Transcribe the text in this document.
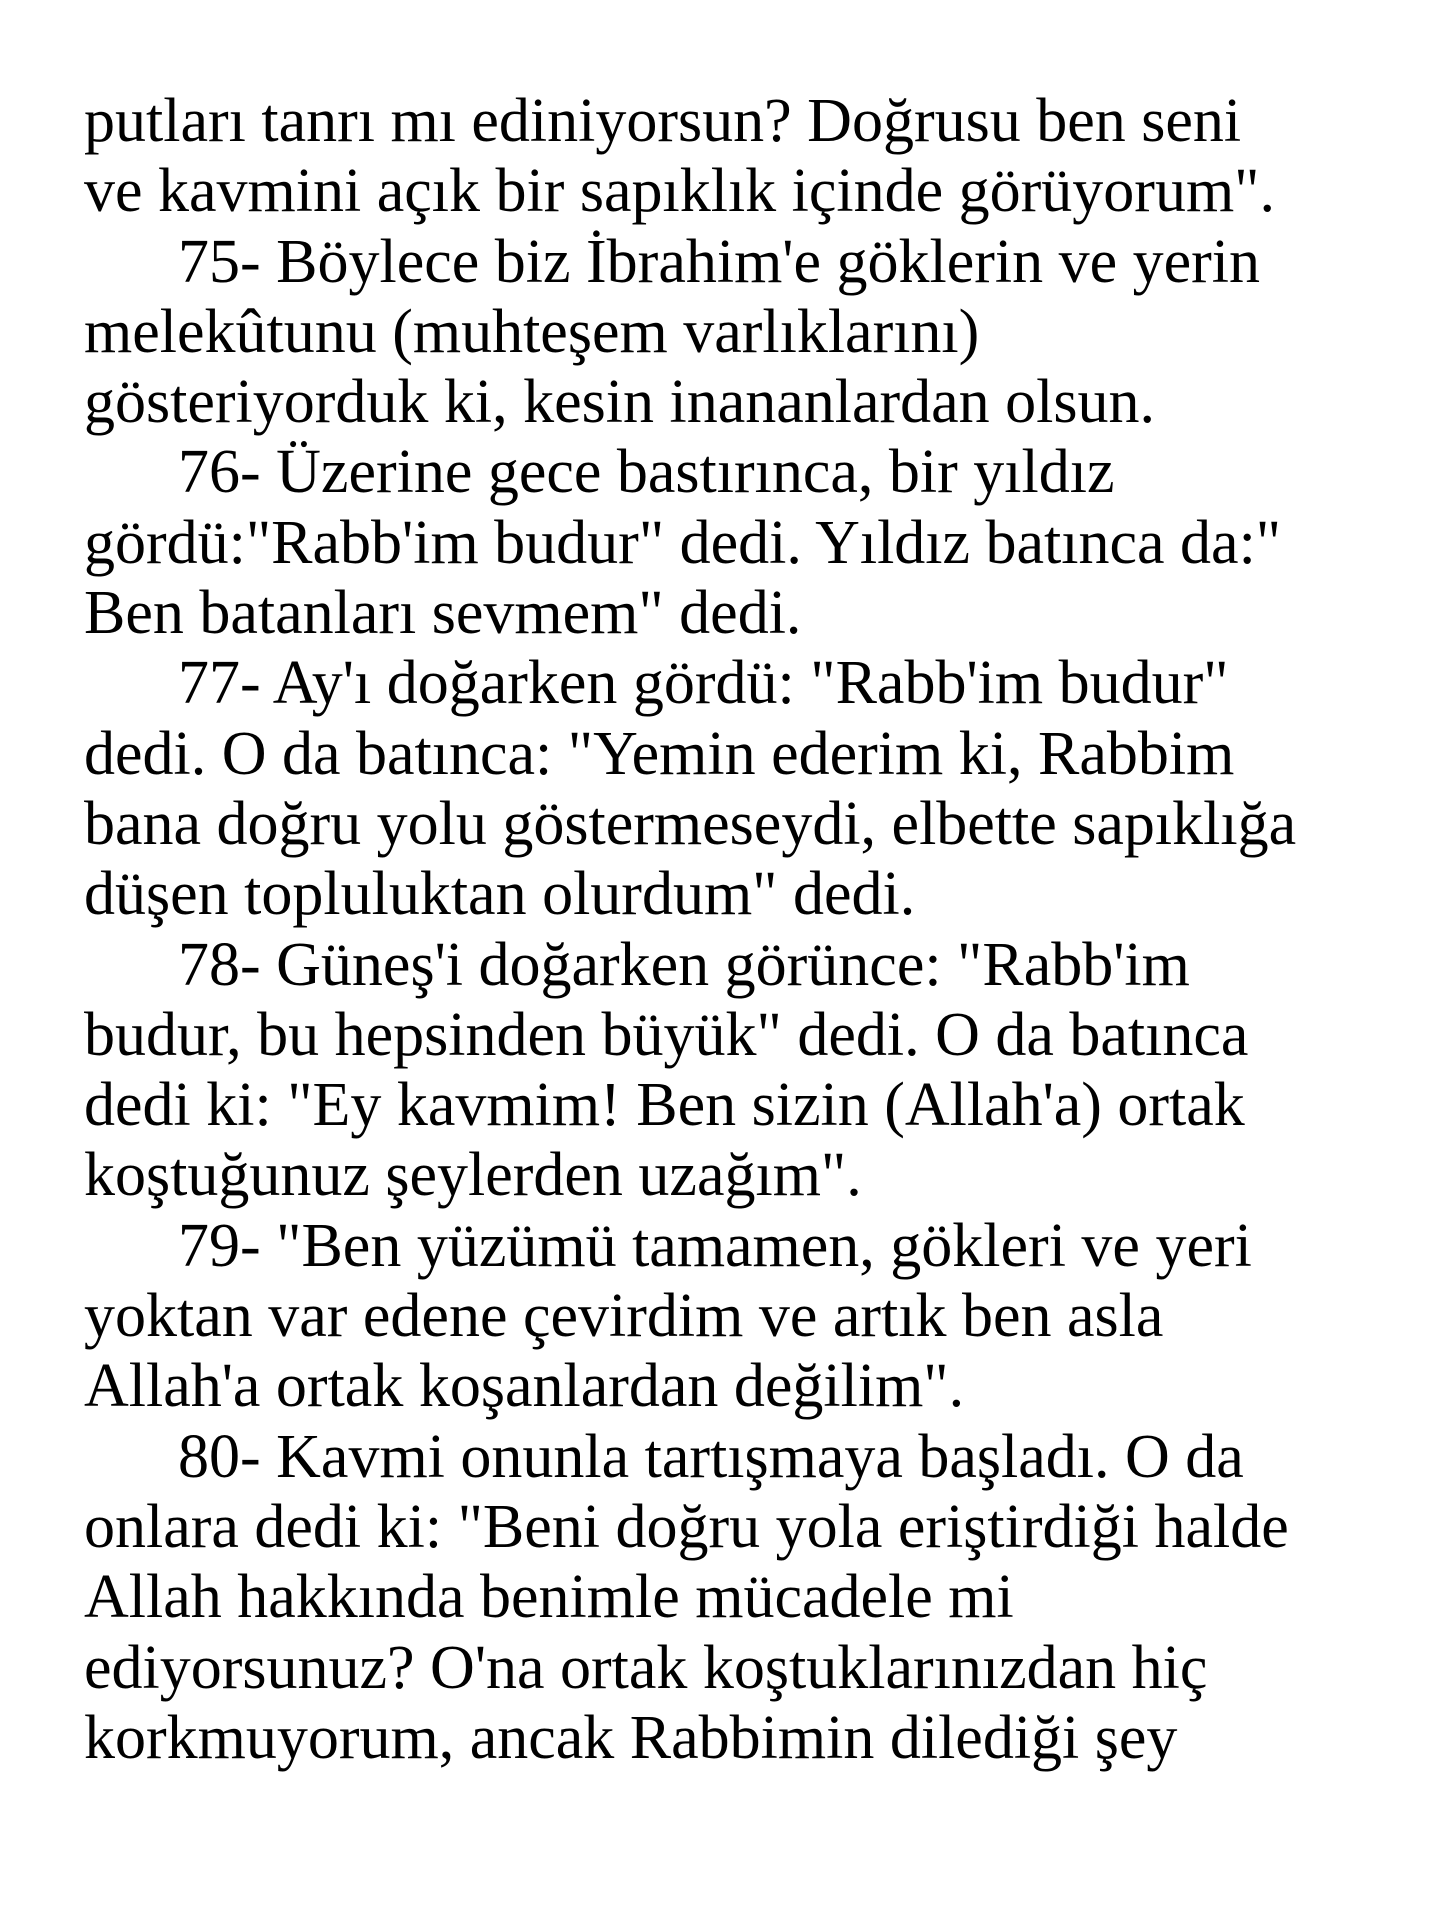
putları tanrı mı ediniyorsun? Doğrusu ben seni
ve kavmini açık bir sapıklık içinde görüyorum".
75- Böylece biz İbrahim'e göklerin ve yerin
melekûtunu (muhteşem varlıklarını)
gösteriyorduk ki, kesin inananlardan olsun.
76- Üzerine gece bastırınca, bir yıldız
gördü:"Rabb'im budur" dedi. Yıldız batınca da:"
Ben batanları sevmem" dedi.
77- Ay'ı doğarken gördü: "Rabb'im budur"
dedi. O da batınca: "Yemin ederim ki, Rabbim
bana doğru yolu göstermeseydi, elbette sapıklığa
düşen topluluktan olurdum" dedi.
78- Güneş'i doğarken görünce: "Rabb'im
budur, bu hepsinden büyük" dedi. O da batınca
dedi ki: "Ey kavmim! Ben sizin (Allah'a) ortak
koştuğunuz şeylerden uzağım".
79- "Ben yüzümü tamamen, gökleri ve yeri
yoktan var edene çevirdim ve artık ben asla
Allah'a ortak koşanlardan değilim".
80- Kavmi onunla tartışmaya başladı. O da
onlara dedi ki: "Beni doğru yola eriştirdiği halde
Allah hakkında benimle mücadele mi
ediyorsunuz? O'na ortak koştuklarınızdan hiç
korkmuyorum, ancak Rabbimin dilediği şey
